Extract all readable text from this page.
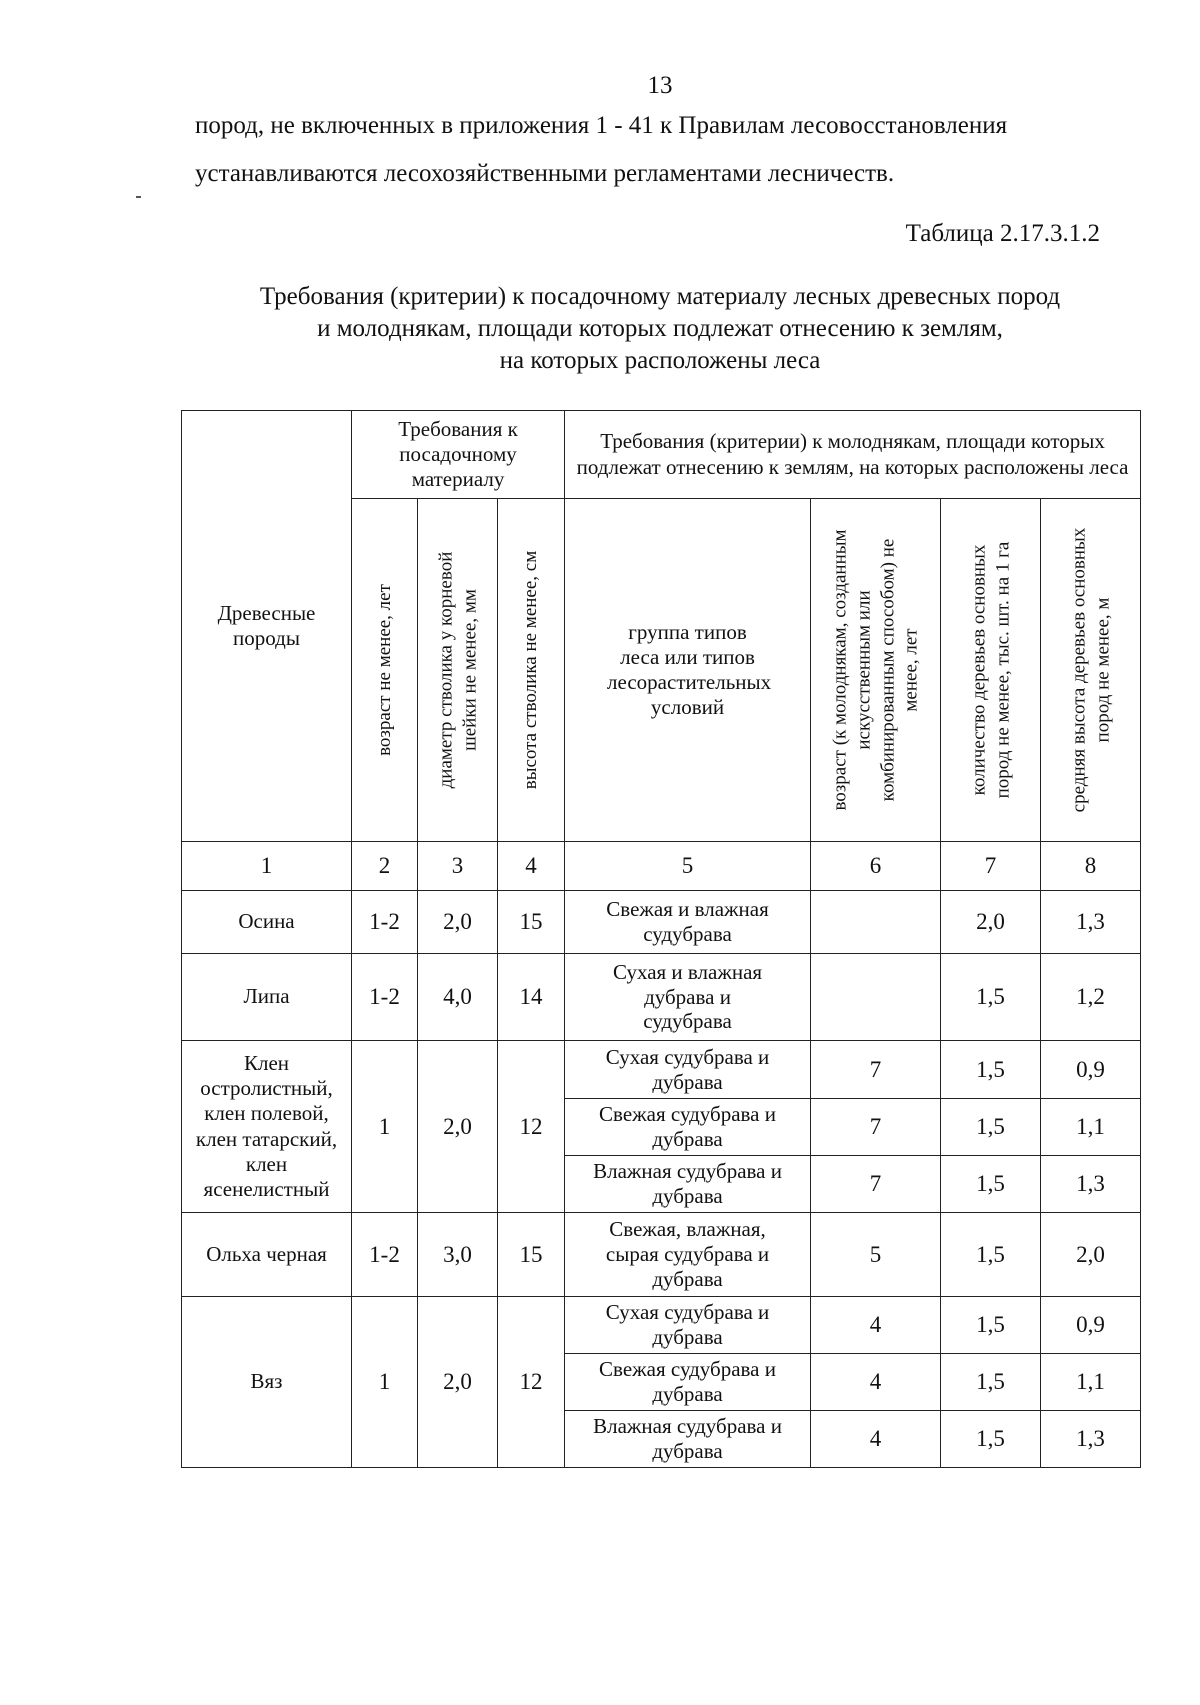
13
пород, не включенных в приложения 1 - 41 к Правилам лесовосстановления
устанавливаются лесохозяйственными регламентами лесничеств.
Таблица 2.17.3.1.2
Требования (критерии) к посадочному материалу лесных древесных пород
и молоднякам, площади которых подлежат отнесению к землям,
на которых расположены леса
Древесные породы	Требования к посадочному материалу			Требования (критерии) к молоднякам, площади которых подлежат отнесению к землям, на которых расположены леса			

	возраст не менее, лет	диаметр стволика у корневой шейки не менее, мм	высота стволика не менее, см	группа типов леса или типов лесорастительных условий	возраст (к молоднякам, созданным искусственным или комбинированным способом) не менее, лет	количество деревьев основных пород не менее, тыс. шт. на 1 га	средняя высота деревьев основных пород не менее, м

1	2	3	4	5	6	7	8
Осина	1-2	2,0	15	Свежая и влажная судубрава		2,0	1,3
Липа	1-2	4,0	14	Сухая и влажная дубрава и судубрава		1,5	1,2
Клен остролистный, клен полевой, клен татарский, клен ясенелистный	1	2,0	12	Сухая судубрава и дубрава	7	1,5	0,9
				Свежая судубрава и дубрава	7	1,5	1,1
				Влажная судубрава и дубрава	7	1,5	1,3
Ольха черная	1-2	3,0	15	Свежая, влажная, сырая судубрава и дубрава	5	1,5	2,0
Вяз	1	2,0	12	Сухая судубрава и дубрава	4	1,5	0,9
				Свежая судубрава и дубрава	4	1,5	1,1
				Влажная судубрава и дубрава	4	1,5	1,3
